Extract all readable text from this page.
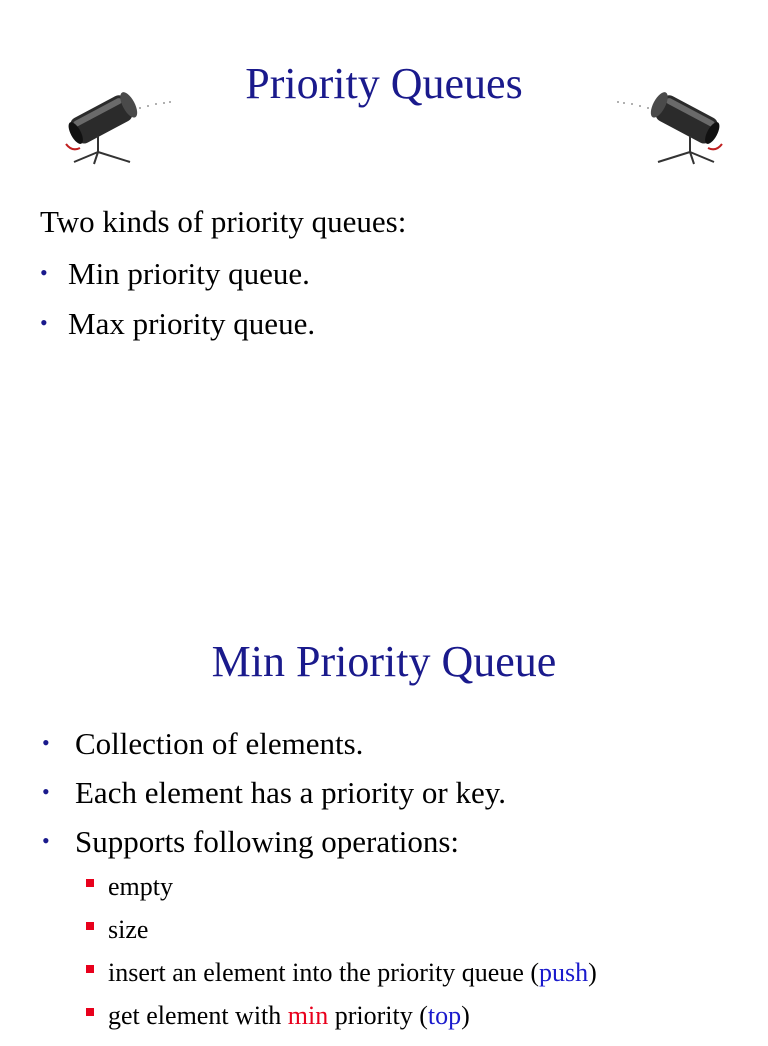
Priority Queues
Two kinds of priority queues:
• Min priority queue.
• Max priority queue.
Min Priority Queue
• Collection of elements.
• Each element has a priority or key.
• Supports following operations:
empty
size
insert an element into the priority queue (push)
get element with min priority (top)
